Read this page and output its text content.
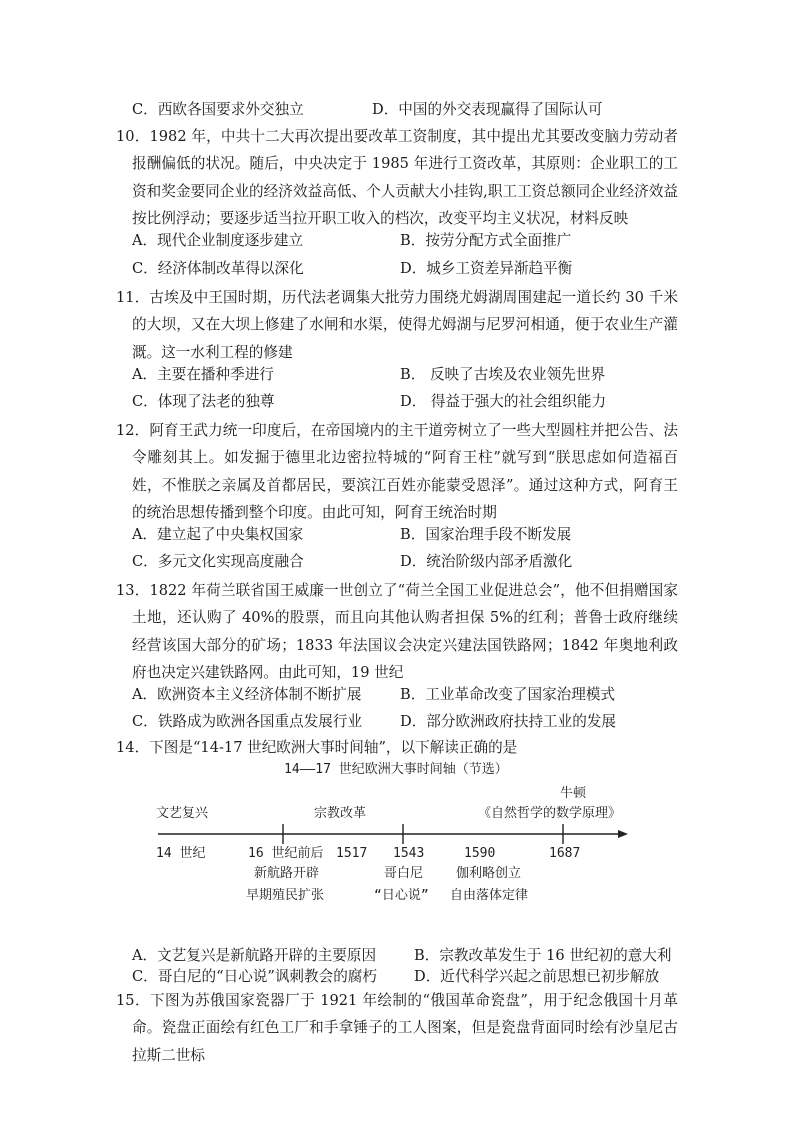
C．西欧各国要求外交独立	D．中国的外交表现赢得了国际认可
10．1982 年，中共十二大再次提出要改革工资制度，其中提出尤其要改变脑力劳动者报酬偏低的状况。随后，中央决定于 1985 年进行工资改革，其原则：企业职工的工资和奖金要同企业的经济效益高低、个人贡献大小挂钩,职工工资总额同企业经济效益按比例浮动；要逐步适当拉开职工收入的档次，改变平均主义状况，材料反映
A．现代企业制度逐步建立	B．按劳分配方式全面推广
C．经济体制改革得以深化	D．城乡工资差异渐趋平衡
11．古埃及中王国时期，历代法老调集大批劳力围绕尤姆湖周围建起一道长约 30 千米的大坝，又在大坝上修建了水闸和水渠，使得尤姆湖与尼罗河相通，便于农业生产灌溉。这一水利工程的修建
A．主要在播种季进行	B． 反映了古埃及农业领先世界
C．体现了法老的独尊	D． 得益于强大的社会组织能力
12．阿育王武力统一印度后，在帝国境内的主干道旁树立了一些大型圆柱并把公告、法令雕刻其上。如发掘于德里北边密拉特城的“阿育王柱”就写到“朕思虑如何造福百姓，不惟朕之亲属及首都居民，要滨江百姓亦能蒙受恩泽”。通过这种方式，阿育王的统治思想传播到整个印度。由此可知，阿育王统治时期
A．建立起了中央集权国家	B．国家治理手段不断发展
C．多元文化实现高度融合	D．统治阶级内部矛盾激化
13．1822 年荷兰联省国王威廉一世创立了“荷兰全国工业促进总会”，他不但捐赠国家土地，还认购了 40%的股票，而且向其他认购者担保 5%的红利；普鲁士政府继续经营该国大部分的矿场；1833 年法国议会决定兴建法国铁路网；1842 年奥地利政府也决定兴建铁路网。由此可知，19 世纪
A．欧洲资本主义经济体制不断扩展	B．工业革命改变了国家治理模式
C．铁路成为欧洲各国重点发展行业	D．部分欧洲政府扶持工业的发展
14．下图是“14-17 世纪欧洲大事时间轴”，以下解读正确的是
14——17 世纪欧洲大事时间轴（节选）
牛顿
文艺复兴	宗教改革	《自然哲学的数学原理》
14 世纪	16 世纪前后 1517 1543	1590	1687
新航路开辟	哥白尼	伽利略创立
早期殖民扩张	“日心说” 自由落体定律
A．文艺复兴是新航路开辟的主要原因	B．宗教改革发生于 16 世纪初的意大利
C．哥白尼的“日心说”讽刺教会的腐朽	D．近代科学兴起之前思想已初步解放
15．下图为苏俄国家瓷器厂于 1921 年绘制的“俄国革命瓷盘”，用于纪念俄国十月革命。瓷盘正面绘有红色工厂和手拿锤子的工人图案，但是瓷盘背面同时绘有沙皇尼古拉斯二世标
